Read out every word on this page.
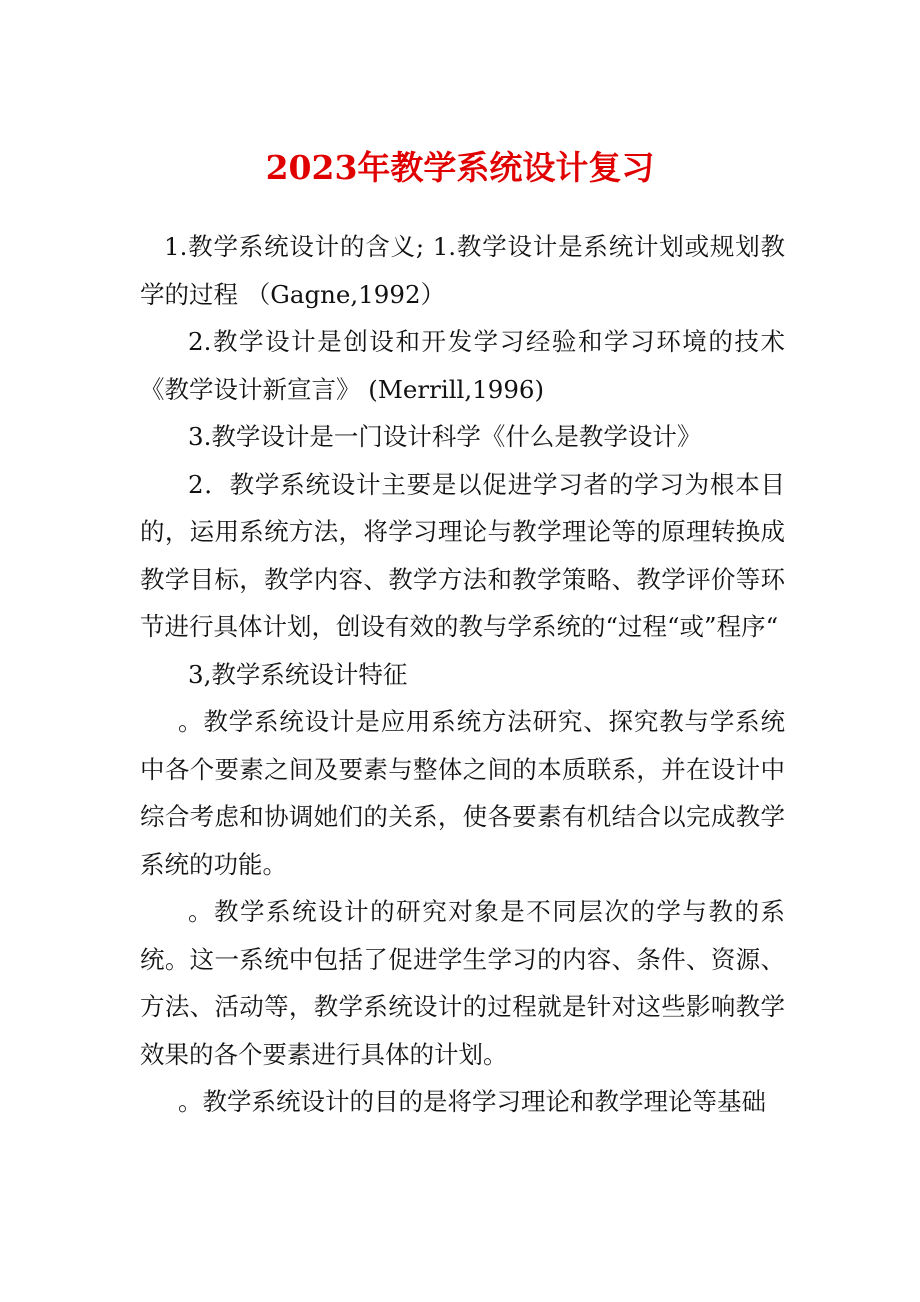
2023年教学系统设计复习

1.教学系统设计的含义; 1.教学设计是系统计划或规划教学的过程 （Gagne,1992）

2.教学设计是创设和开发学习经验和学习环境的技术《教学设计新宣言》 (Merrill,1996)

3.教学设计是一门设计科学《什么是教学设计》

2．教学系统设计主要是以促进学习者的学习为根本目的，运用系统方法，将学习理论与教学理论等的原理转换成教学目标，教学内容、教学方法和教学策略、教学评价等环节进行具体计划，创设有效的教与学系统的“过程“或”程序“

3,教学系统设计特征

。教学系统设计是应用系统方法研究、探究教与学系统中各个要素之间及要素与整体之间的本质联系，并在设计中综合考虑和协调她们的关系，使各要素有机结合以完成教学系统的功能。

。教学系统设计的研究对象是不同层次的学与教的系统。这一系统中包括了促进学生学习的内容、条件、资源、方法、活动等，教学系统设计的过程就是针对这些影响教学效果的各个要素进行具体的计划。

。教学系统设计的目的是将学习理论和教学理论等基础
